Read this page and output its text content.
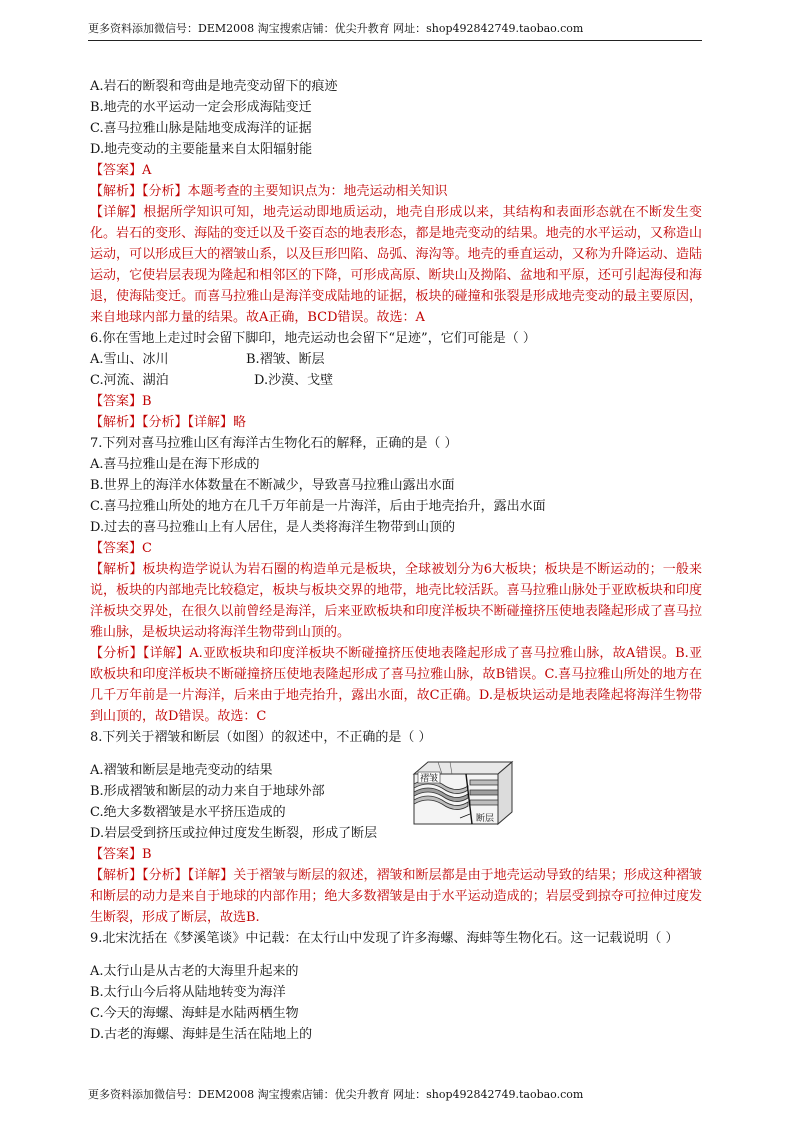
更多资料添加微信号：DEM2008 淘宝搜索店铺：优尖升教育 网址：shop492842749.taobao.com
A.岩石的断裂和弯曲是地壳变动留下的痕迹
B.地壳的水平运动一定会形成海陆变迁
C.喜马拉雅山脉是陆地变成海洋的证据
D.地壳变动的主要能量来自太阳辐射能
【答案】A
【解析】【分析】本题考查的主要知识点为：地壳运动相关知识
【详解】根据所学知识可知，地壳运动即地质运动，地壳自形成以来，其结构和表面形态就在不断发生变化。岩石的变形、海陆的变迁以及千姿百态的地表形态，都是地壳变动的结果。地壳的水平运动，又称造山运动，可以形成巨大的褶皱山系，以及巨形凹陷、岛弧、海沟等。地壳的垂直运动，又称为升降运动、造陆运动，它使岩层表现为隆起和相邻区的下降，可形成高原、断块山及拗陷、盆地和平原，还可引起海侵和海退，使海陆变迁。而喜马拉雅山是海洋变成陆地的证据，板块的碰撞和张裂是形成地壳变动的最主要原因，来自地球内部力量的结果。故A正确，BCD错误。故选：A
6.你在雪地上走过时会留下脚印，地壳运动也会留下“足迹”，它们可能是（ ）
A.雪山、冰川	B.褶皱、断层
C.河流、湖泊	D.沙漠、戈壁
【答案】B
【解析】【分析】【详解】略
7.下列对喜马拉雅山区有海洋古生物化石的解释，正确的是（ ）
A.喜马拉雅山是在海下形成的
B.世界上的海洋水体数量在不断减少，导致喜马拉雅山露出水面
C.喜马拉雅山所处的地方在几千万年前是一片海洋，后由于地壳抬升，露出水面
D.过去的喜马拉雅山上有人居住，是人类将海洋生物带到山顶的
【答案】C
【解析】板块构造学说认为岩石圈的构造单元是板块，全球被划分为6大板块；板块是不断运动的；一般来说，板块的内部地壳比较稳定，板块与板块交界的地带，地壳比较活跃。喜马拉雅山脉处于亚欧板块和印度洋板块交界处，在很久以前曾经是海洋，后来亚欧板块和印度洋板块不断碰撞挤压使地表隆起形成了喜马拉雅山脉，是板块运动将海洋生物带到山顶的。
【分析】【详解】A.亚欧板块和印度洋板块不断碰撞挤压使地表隆起形成了喜马拉雅山脉，故A错误。B.亚欧板块和印度洋板块不断碰撞挤压使地表隆起形成了喜马拉雅山脉，故B错误。C.喜马拉雅山所处的地方在几千万年前是一片海洋，后来由于地壳抬升，露出水面，故C正确。D.是板块运动是地表隆起将海洋生物带到山顶的，故D错误。故选：C
8.下列关于褶皱和断层（如图）的叙述中，不正确的是（ ）
A.褶皱和断层是地壳变动的结果
B.形成褶皱和断层的动力来自于地球外部
C.绝大多数褶皱是水平挤压造成的
D.岩层受到挤压或拉伸过度发生断裂，形成了断层
褶皱
断层
【答案】B
【解析】【分析】【详解】关于褶皱与断层的叙述，褶皱和断层都是由于地壳运动导致的结果；形成这种褶皱和断层的动力是来自于地球的内部作用；绝大多数褶皱是由于水平运动造成的；岩层受到掠夺可拉伸过度发生断裂，形成了断层，故选B.
9.北宋沈括在《梦溪笔谈》中记载：在太行山中发现了许多海螺、海蚌等生物化石。这一记载说明（ ）
A.太行山是从古老的大海里升起来的
B.太行山今后将从陆地转变为海洋
C.今天的海螺、海蚌是水陆两栖生物
D.古老的海螺、海蚌是生活在陆地上的
更多资料添加微信号：DEM2008 淘宝搜索店铺：优尖升教育 网址：shop492842749.taobao.com
